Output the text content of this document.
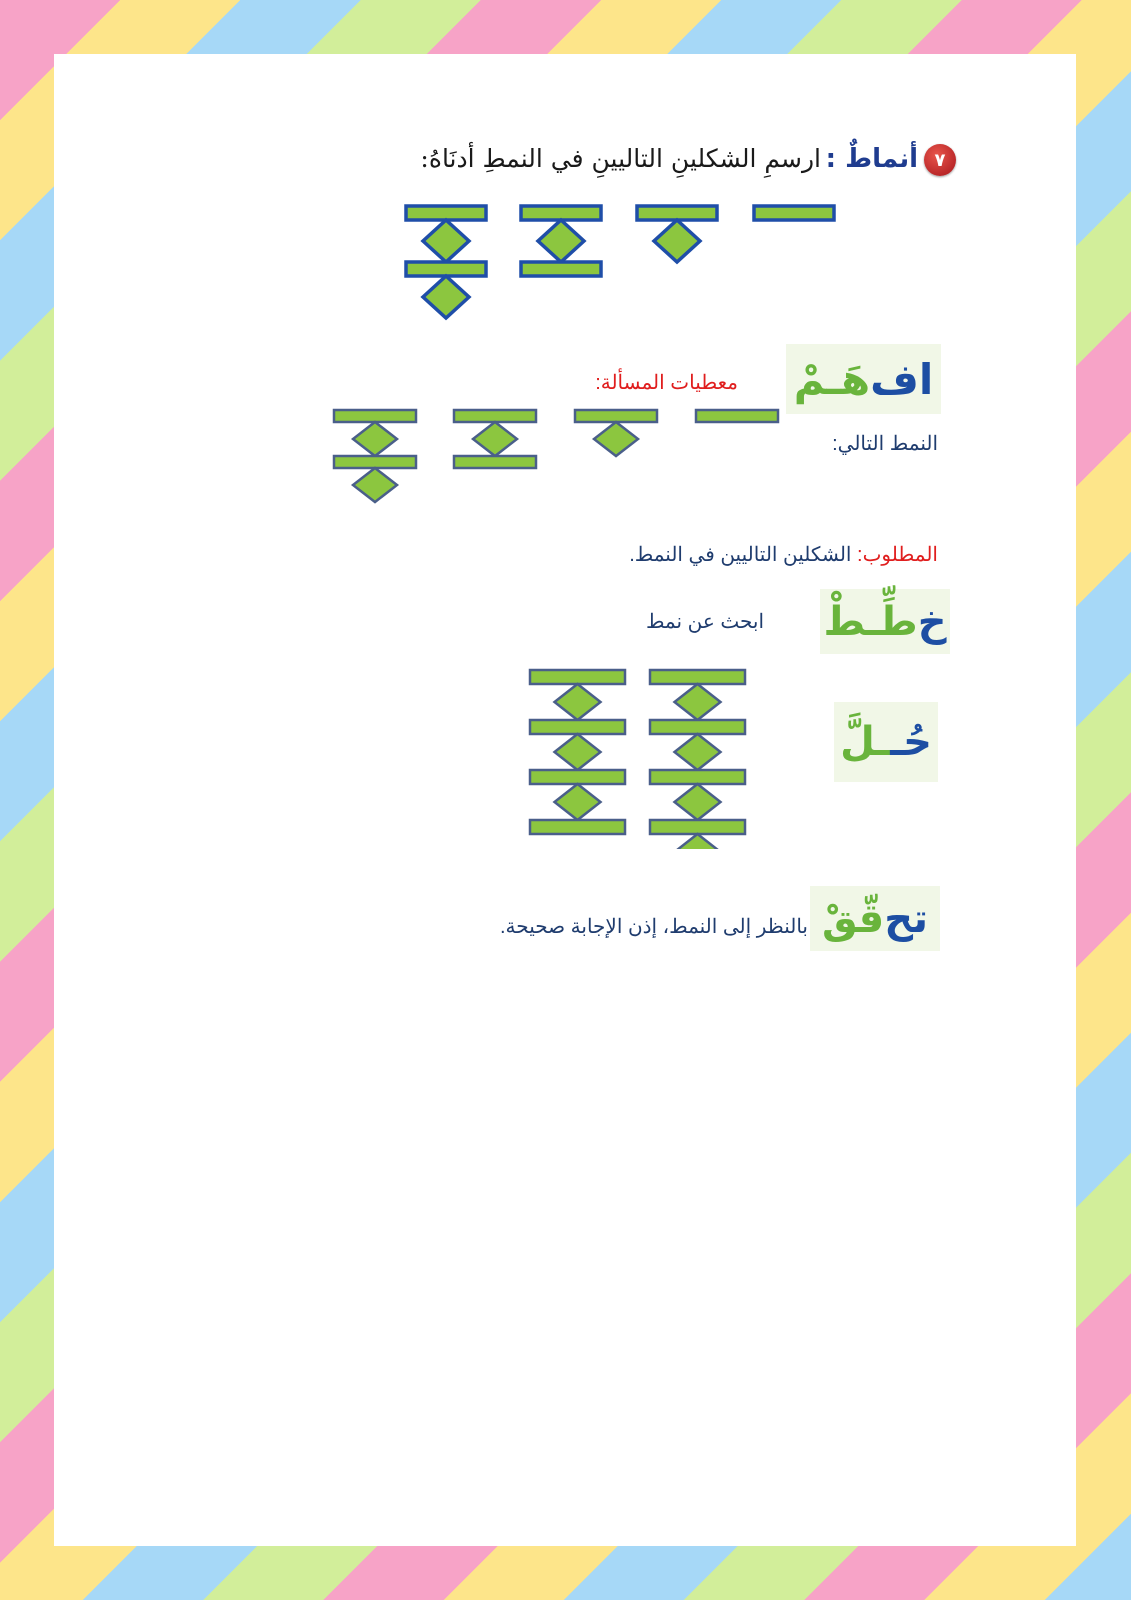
٧
أنماطٌ :
ارسمِ الشكلينِ التاليينِ في النمطِ أدنَاهُ:
اف
هَـمْ
معطيات المسألة:
النمط التالي:
المطلوب: الشكلين التاليين في النمط.
خ
طِّـطْ
ابحث عن نمط
حُـ
ـلَّ
تح
قّقْ
بالنظر إلى النمط، إذن الإجابة صحيحة.
